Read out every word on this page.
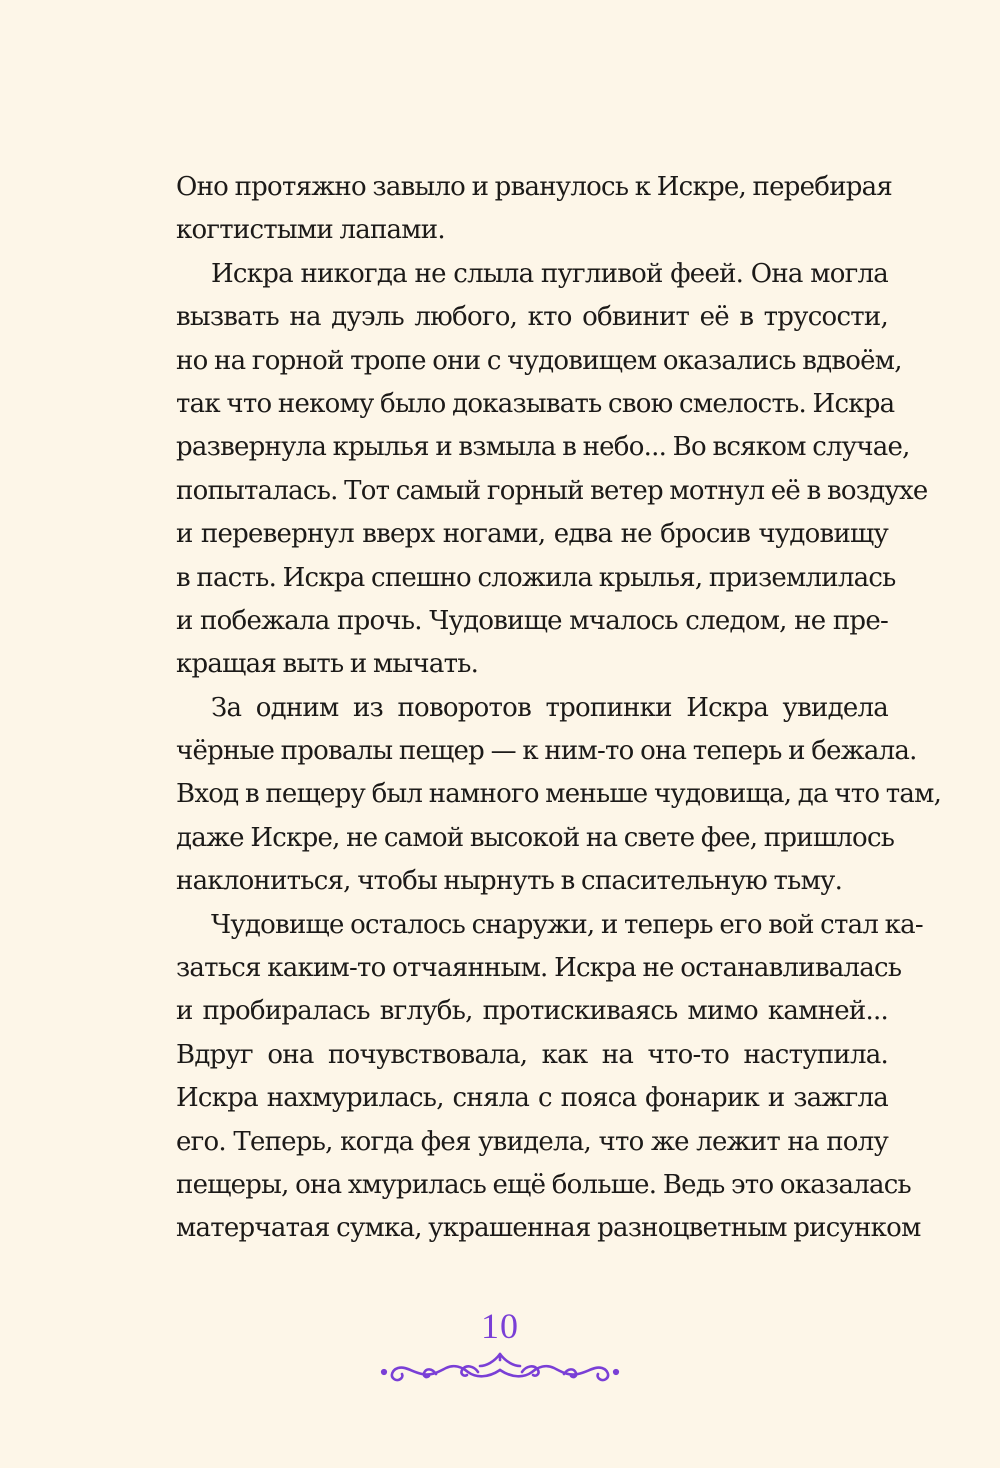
Оно протяжно завыло и рванулось к Искре, перебирая
когтистыми лапами.
Искра никогда не слыла пугливой феей. Она могла
вызвать на дуэль любого, кто обвинит её в трусости,
но на горной тропе они с чудовищем оказались вдвоём,
так что некому было доказывать свою смелость. Искра
развернула крылья и взмыла в небо... Во всяком случае,
попыталась. Тот самый горный ветер мотнул её в воздухе
и перевернул вверх ногами, едва не бросив чудовищу
в пасть. Искра спешно сложила крылья, приземлилась
и побежала прочь. Чудовище мчалось следом, не пре-
кращая выть и мычать.
За одним из поворотов тропинки Искра увидела
чёрные провалы пещер — к ним-то она теперь и бежала.
Вход в пещеру был намного меньше чудовища, да что там,
даже Искре, не самой высокой на свете фее, пришлось
наклониться, чтобы нырнуть в спасительную тьму.
Чудовище осталось снаружи, и теперь его вой стал ка-
заться каким-то отчаянным. Искра не останавливалась
и пробиралась вглубь, протискиваясь мимо камней...
Вдруг она почувствовала, как на что-то наступила.
Искра нахмурилась, сняла с пояса фонарик и зажгла
его. Теперь, когда фея увидела, что же лежит на полу
пещеры, она хмурилась ещё больше. Ведь это оказалась
матерчатая сумка, украшенная разноцветным рисунком
10
